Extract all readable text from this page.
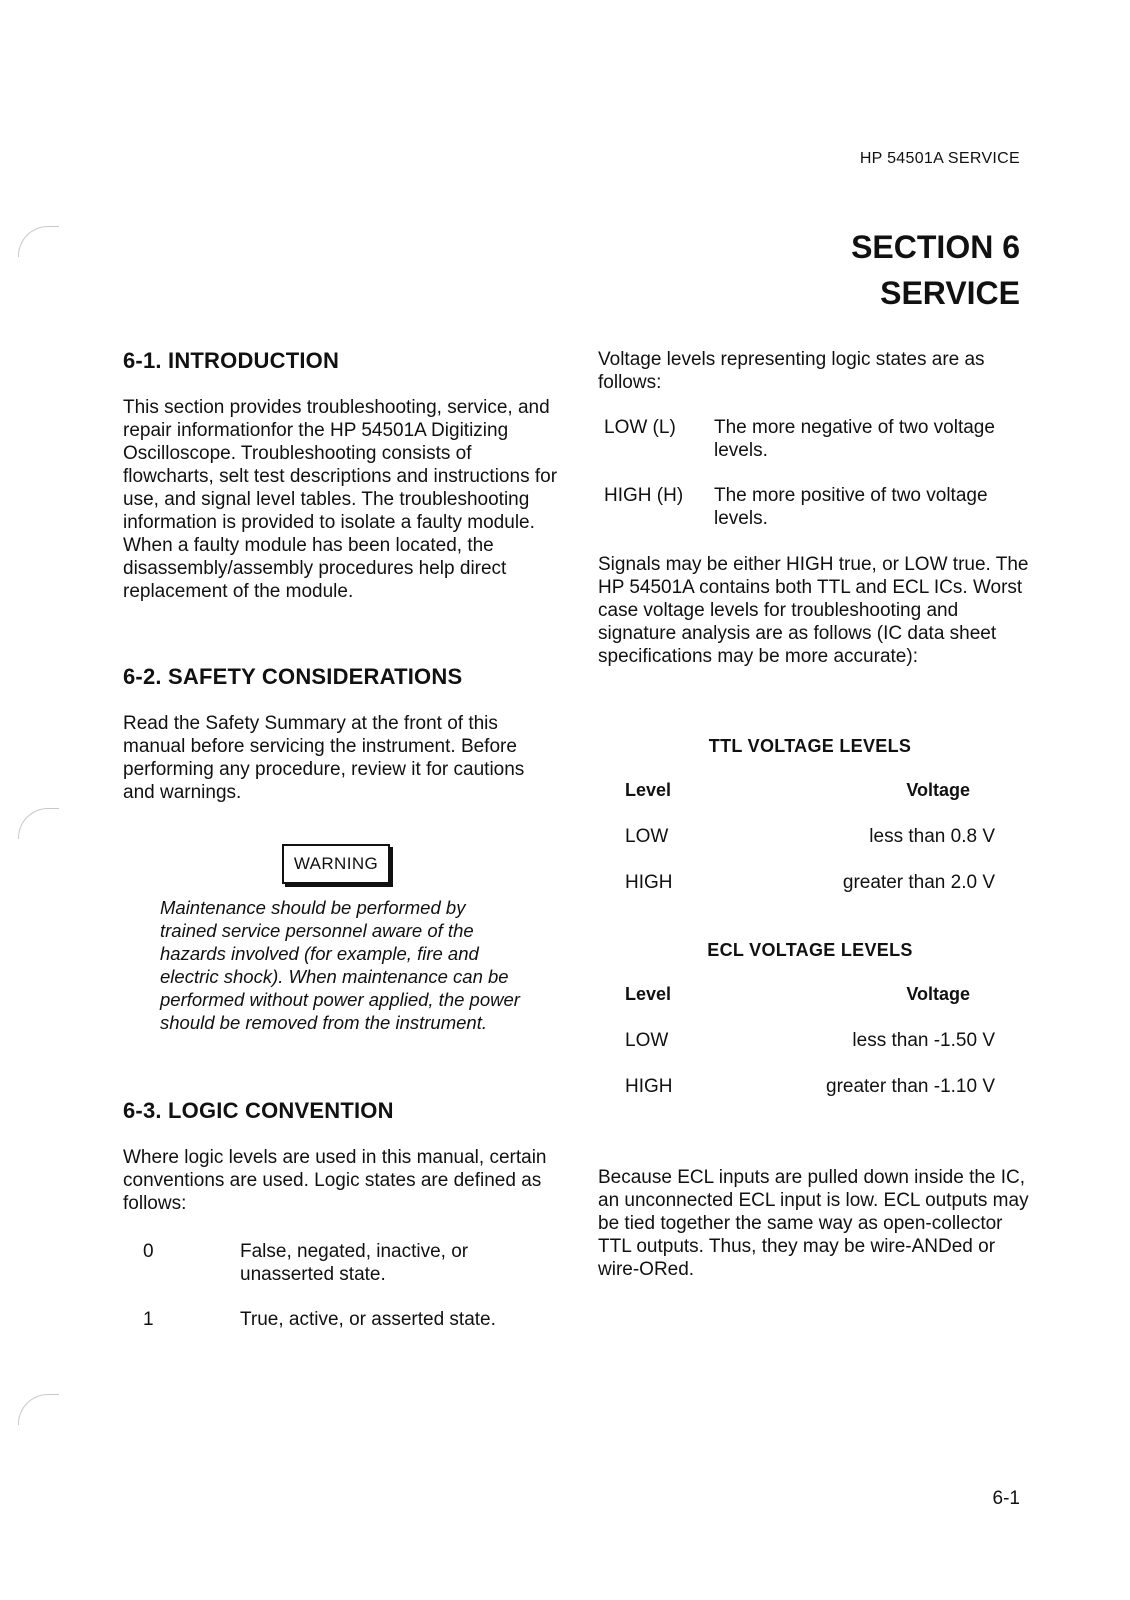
HP 54501A SERVICE
SECTION 6
SERVICE
6-1. INTRODUCTION

This section provides troubleshooting, service, and repair informationfor the HP 54501A Digitizing Oscilloscope. Troubleshooting consists of flowcharts, selt test descriptions and instructions for use, and signal level tables. The troubleshooting information is provided to isolate a faulty module. When a faulty module has been located, the disassembly/assembly procedures help direct replacement of the module.

6-2. SAFETY CONSIDERATIONS

Read the Safety Summary at the front of this manual before servicing the instrument. Before performing any procedure, review it for cautions and warnings.

WARNING
Maintenance should be performed by trained service personnel aware of the hazards involved (for example, fire and electric shock). When maintenance can be performed without power applied, the power should be removed from the instrument.
6-3. LOGIC CONVENTION

Where logic levels are used in this manual, certain conventions are used. Logic states are defined as follows:

0	False, negated, inactive, or unasserted state.
1	True, active, or asserted state.
Voltage levels representing logic states are as follows:
LOW (L)	The more negative of two voltage levels.
HIGH (H)	The more positive of two voltage levels.
Signals may be either HIGH true, or LOW true. The HP 54501A contains both TTL and ECL ICs. Worst case voltage levels for troubleshooting and signature analysis are as follows (IC data sheet specifications may be more accurate):
TTL VOLTAGE LEVELS
Level	Voltage
LOW	less than 0.8 V
HIGH	greater than 2.0 V
ECL VOLTAGE LEVELS
Level	Voltage
LOW	less than -1.50 V
HIGH	greater than -1.10 V
Because ECL inputs are pulled down inside the IC, an unconnected ECL input is low. ECL outputs may be tied together the same way as open-collector TTL outputs. Thus, they may be wire-ANDed or wire-ORed.
6-1
